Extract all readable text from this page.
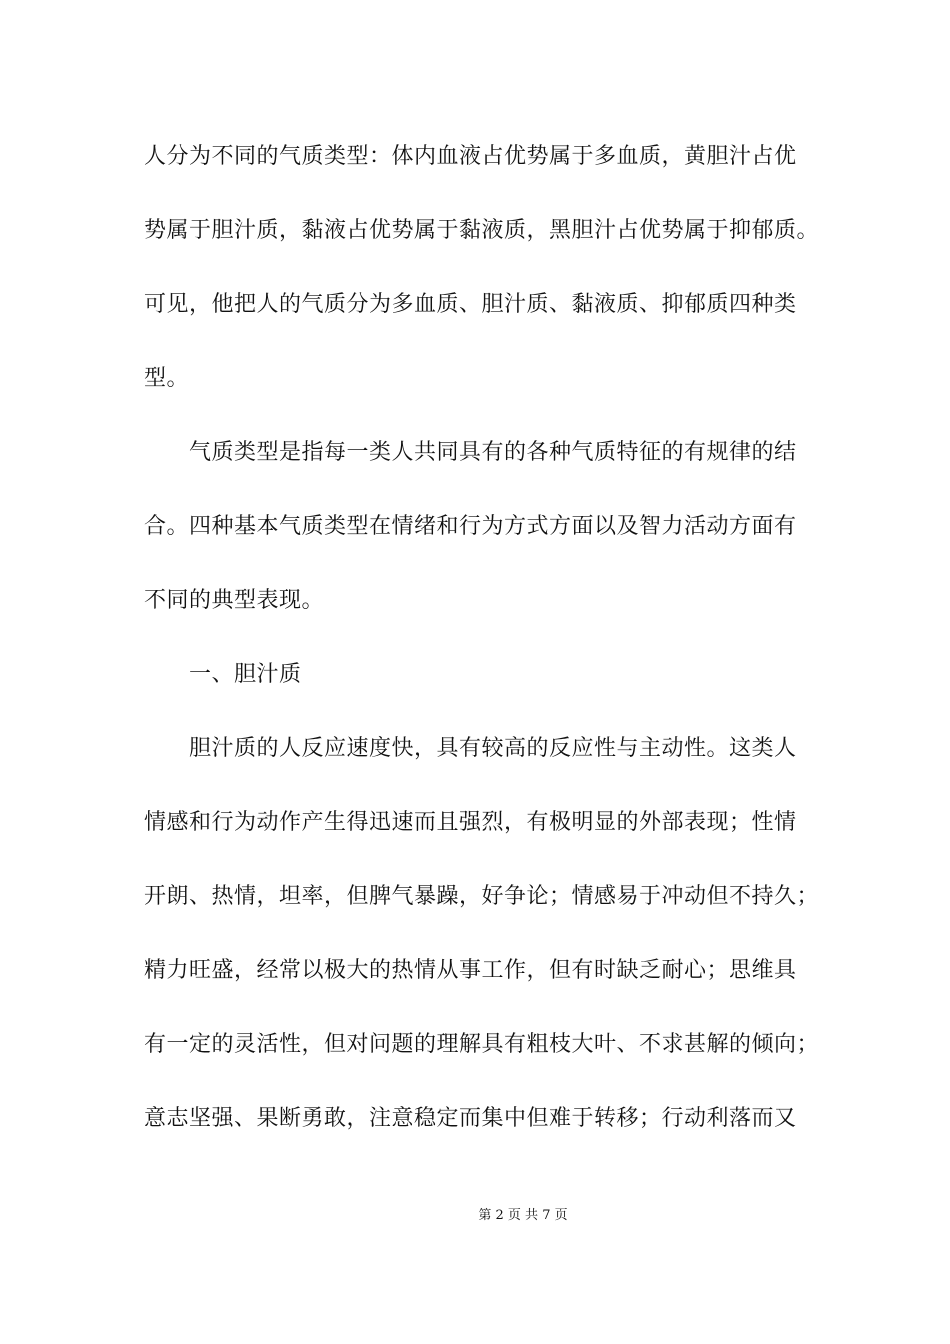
人分为不同的气质类型：体内血液占优势属于多血质，黄胆汁占优
势属于胆汁质，黏液占优势属于黏液质，黑胆汁占优势属于抑郁质。
可见，他把人的气质分为多血质、胆汁质、黏液质、抑郁质四种类
型。
气质类型是指每一类人共同具有的各种气质特征的有规律的结
合。四种基本气质类型在情绪和行为方式方面以及智力活动方面有
不同的典型表现。
一、胆汁质
胆汁质的人反应速度快，具有较高的反应性与主动性。这类人
情感和行为动作产生得迅速而且强烈，有极明显的外部表现；性情
开朗、热情，坦率，但脾气暴躁，好争论；情感易于冲动但不持久；
精力旺盛，经常以极大的热情从事工作，但有时缺乏耐心；思维具
有一定的灵活性，但对问题的理解具有粗枝大叶、不求甚解的倾向；
意志坚强、果断勇敢，注意稳定而集中但难于转移；行动利落而又
第 2 页 共 7 页
